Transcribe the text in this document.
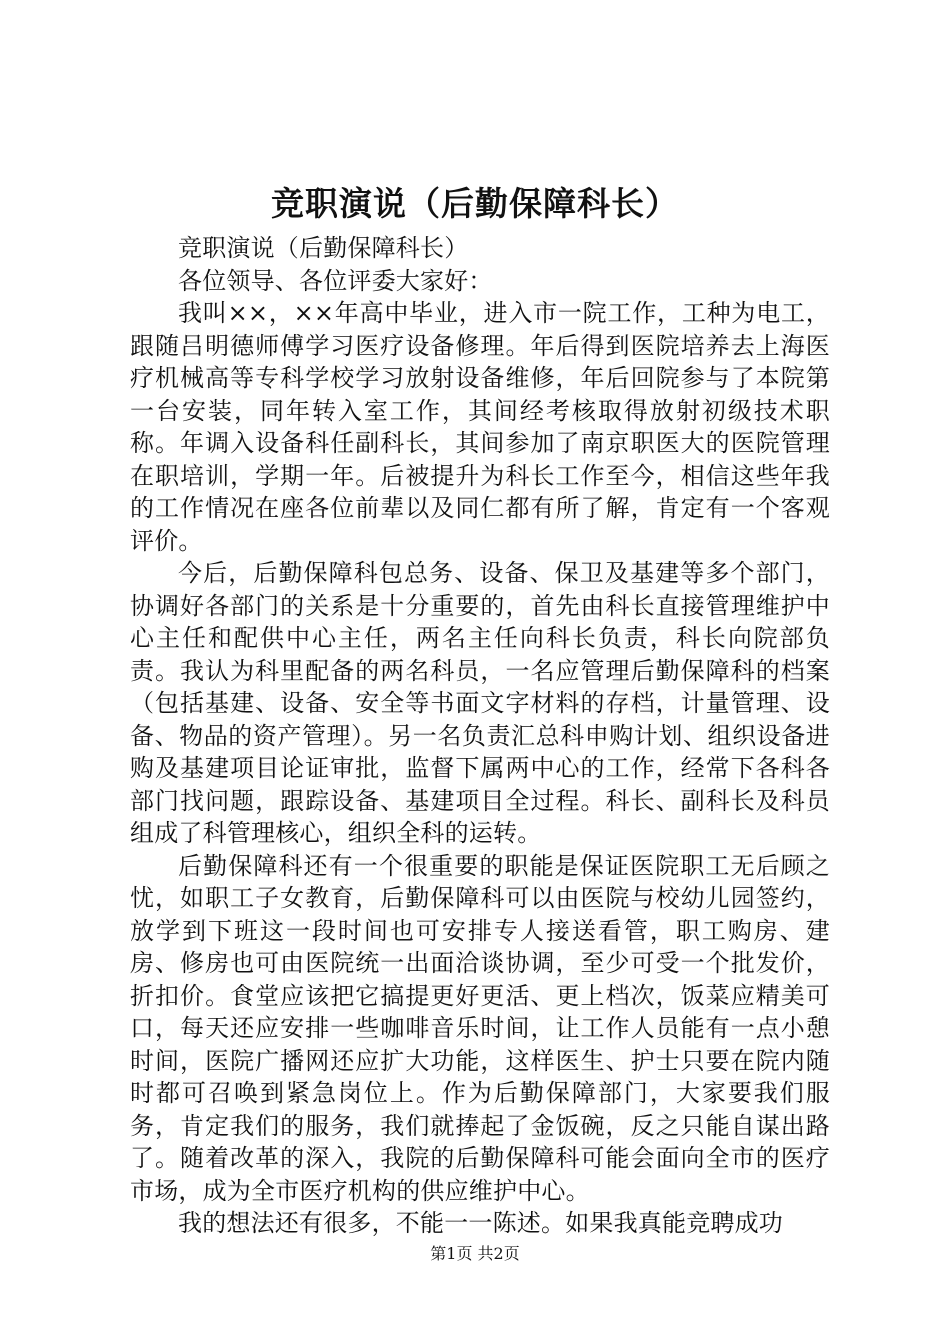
竞职演说（后勤保障科长）

竞职演说（后勤保障科长）

各位领导、各位评委大家好：

我叫××，××年高中毕业，进入市一院工作，工种为电工，跟随吕明德师傅学习医疗设备修理。年后得到医院培养去上海医疗机械高等专科学校学习放射设备维修，年后回院参与了本院第一台安装，同年转入室工作，其间经考核取得放射初级技术职称。年调入设备科任副科长，其间参加了南京职医大的医院管理在职培训，学期一年。后被提升为科长工作至今，相信这些年我的工作情况在座各位前辈以及同仁都有所了解，肯定有一个客观评价。

今后，后勤保障科包总务、设备、保卫及基建等多个部门，协调好各部门的关系是十分重要的，首先由科长直接管理维护中心主任和配供中心主任，两名主任向科长负责，科长向院部负责。我认为科里配备的两名科员，一名应管理后勤保障科的档案（包括基建、设备、安全等书面文字材料的存档，计量管理、设备、物品的资产管理）。另一名负责汇总科申购计划、组织设备进购及基建项目论证审批，监督下属两中心的工作，经常下各科各部门找问题，跟踪设备、基建项目全过程。科长、副科长及科员组成了科管理核心，组织全科的运转。

后勤保障科还有一个很重要的职能是保证医院职工无后顾之忧，如职工子女教育，后勤保障科可以由医院与校幼儿园签约，放学到下班这一段时间也可安排专人接送看管，职工购房、建房、修房也可由医院统一出面洽谈协调，至少可受一个批发价，折扣价。食堂应该把它搞提更好更活、更上档次，饭菜应精美可口，每天还应安排一些咖啡音乐时间，让工作人员能有一点小憩时间，医院广播网还应扩大功能，这样医生、护士只要在院内随时都可召唤到紧急岗位上。作为后勤保障部门，大家要我们服务，肯定我们的服务，我们就捧起了金饭碗，反之只能自谋出路了。随着改革的深入，我院的后勤保障科可能会面向全市的医疗市场，成为全市医疗机构的供应维护中心。

我的想法还有很多，不能一一陈述。如果我真能竞聘成功

第1页 共2页
